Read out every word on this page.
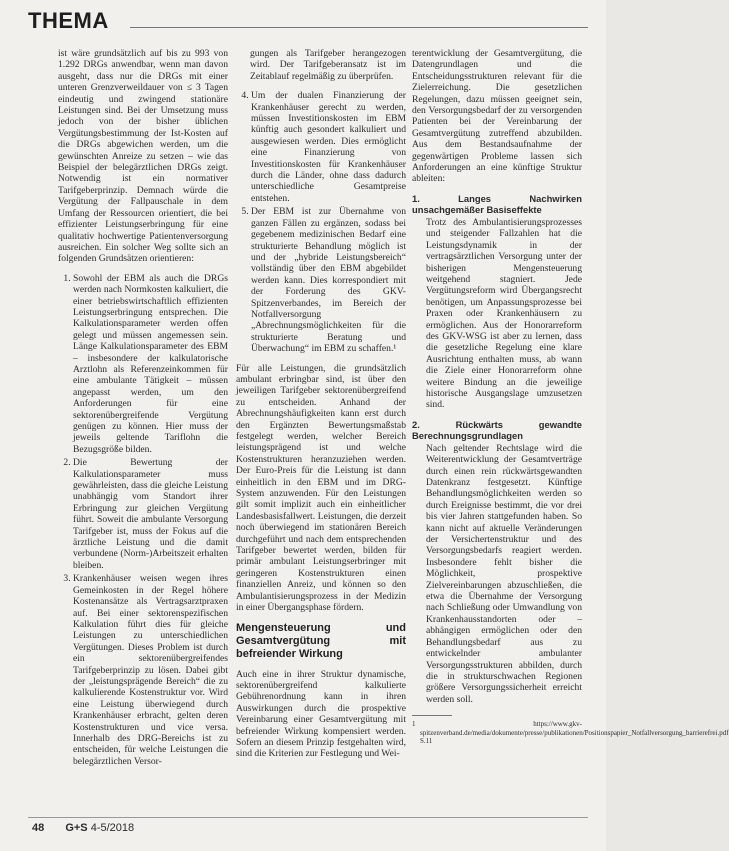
THEMA

ist wäre grundsätzlich auf bis zu 993 von 1.292 DRGs anwendbar, wenn man davon ausgeht, dass nur die DRGs mit einer unteren Grenzverweildauer von ≤ 3 Tagen eindeutig und zwingend stationäre Leistungen sind. Bei der Umsetzung muss jedoch von der bisher üblichen Vergütungsbestimmung der Ist-Kosten auf die DRGs abgewichen werden, um die gewünschten Anreize zu setzen – wie das Beispiel der belegärztlichen DRGs zeigt. Notwendig ist ein normativer Tarifgeberprinzip. Demnach würde die Vergütung der Fallpauschale in dem Umfang der Ressourcen orientiert, die bei effizienter Leistungserbringung für eine qualitativ hochwertige Patientenversorgung ausreichen. Ein solcher Weg sollte sich an folgenden Grundsätzen orientieren:

1. Sowohl der EBM als auch die DRGs werden nach Normkosten kalkuliert, die einer betriebswirtschaftlich effizienten Leistungserbringung entsprechen. Die Kalkulationsparameter werden offen gelegt und müssen angemessen sein. Länge Kalkulationsparameter des EBM – insbesondere der kalkulatorische Arztlohn als Referenzeinkommen für eine ambulante Tätigkeit – müssen angepasst werden, um den Anforderungen für eine sektorenübergreifende Vergütung genügen zu können. Hier muss der jeweils geltende Tariflohn die Bezugsgröße bilden.
2. Die Bewertung der Kalkulationsparameter muss gewährleisten, dass die gleiche Leistung unabhängig vom Standort ihrer Erbringung zur gleichen Vergütung führt. Soweit die ambulante Versorgung Tarifgeber ist, muss der Fokus auf die ärztliche Leistung und die damit verbundene (Norm-)Arbeitszeit erhalten bleiben.
3. Krankenhäuser weisen wegen ihres Gemeinkosten in der Regel höhere Kostenansätze als Vertragsarztpraxen auf. Bei einer sektorenspezifischen Kalkulation führt dies für gleiche Leistungen zu unterschiedlichen Vergütungen. Dieses Problem ist durch ein sektorenübergreifendes Tarifgeberprinzip zu lösen. Dabei gibt der „leistungsprägende Bereich“ die zu kalkulierende Kostenstruktur vor. Wird eine Leistung überwiegend durch Krankenhäuser erbracht, gelten deren Kostenstrukturen und vice versa. Innerhalb des DRG-Bereichs ist zu entscheiden, für welche Leistungen die belegärztlichen Versor-

gungen als Tarifgeber herangezogen wird. Der Tarifgeberansatz ist im Zeitablauf regelmäßig zu überprüfen.

4. Um der dualen Finanzierung der Krankenhäuser gerecht zu werden, müssen Investitionskosten im EBM künftig auch gesondert kalkuliert und ausgewiesen werden. Dies ermöglicht eine Finanzierung von Investitionskosten für Krankenhäuser durch die Länder, ohne dass dadurch unterschiedliche Gesamtpreise entstehen.
5. Der EBM ist zur Übernahme von ganzen Fällen zu ergänzen, sodass bei gegebenem medizinischen Bedarf eine strukturierte Behandlung möglich ist und der „hybride Leistungsbereich“ vollständig über den EBM abgebildet werden kann. Dies korrespondiert mit der Forderung des GKV-Spitzenverbandes, im Bereich der Notfallversorgung „Abrechnungsmöglichkeiten für die strukturierte Beratung und Überwachung“ im EBM zu schaffen.¹

Für alle Leistungen, die grundsätzlich ambulant erbringbar sind, ist über den jeweiligen Tarifgeber sektorenübergreifend zu entscheiden. Anhand der Abrechnungshäufigkeiten kann erst durch den Ergänzten Bewertungsmaßstab festgelegt werden, welcher Bereich leistungsprägend ist und welche Kostenstrukturen heranzuziehen werden. Der Euro-Preis für die Leistung ist dann einheitlich in den EBM und im DRG-System anzuwenden. Für den Leistungen gilt somit implizit auch ein einheitlicher Landesbasisfallwert. Leistungen, die derzeit noch überwiegend im stationären Bereich durchgeführt und nach dem entsprechenden Tarifgeber bewertet werden, bilden für primär ambulant Leistungserbringer mit geringeren Kostenstrukturen einen finanziellen Anreiz, und können so den Ambulantisierungsprozess in der Medizin in einer Übergangsphase fördern.

Mengensteuerung und Gesamtvergütung mit befreiender Wirkung

Auch eine in ihrer Struktur dynamische, sektorenübergreifend kalkulierte Gebührenordnung kann in ihren Auswirkungen durch die prospektive Vereinbarung einer Gesamtvergütung mit befreiender Wirkung kompensiert werden. Sofern an diesem Prinzip festgehalten wird, sind die Kriterien zur Festlegung und Wei-

terentwicklung der Gesamtvergütung, die Datengrundlagen und die Entscheidungsstrukturen relevant für die Zielerreichung. Die gesetzlichen Regelungen, dazu müssen geeignet sein, den Versorgungsbedarf der zu versorgenden Patienten bei der Vereinbarung der Gesamtvergütung zutreffend abzubilden. Aus dem Bestandsaufnahme der gegenwärtigen Probleme lassen sich Anforderungen an eine künftige Struktur ableiten:

1. Langes Nachwirken unsachgemäßer Basiseffekte

Trotz des Ambulantisierungsprozesses und steigender Fallzahlen hat die Leistungsdynamik in der vertragsärztlichen Versorgung unter der bisherigen Mengensteuerung weitgehend stagniert. Jede Vergütungsreform wird Übergangsrecht benötigen, um Anpassungsprozesse bei Praxen oder Krankenhäusern zu ermöglichen. Aus der Honorarreform des GKV-WSG ist aber zu lernen, dass die gesetzliche Regelung eine klare Ausrichtung enthalten muss, ab wann die Ziele einer Honorarreform ohne weitere Bindung an die jeweilige historische Ausgangslage umzusetzen sind.

2. Rückwärts gewandte Berechnungsgrundlagen

Nach geltender Rechtslage wird die Weiterentwicklung der Gesamtverträge durch einen rein rückwärtsgewandten Datenkranz festgesetzt. Künftige Behandlungsmöglichkeiten werden so durch Ereignisse bestimmt, die vor drei bis vier Jahren stattgefunden haben. So kann nicht auf aktuelle Veränderungen der Versichertenstruktur und des Versorgungsbedarfs reagiert werden. Insbesondere fehlt bisher die Möglichkeit, prospektive Zielvereinbarungen abzuschließen, die etwa die Übernahme der Versorgung nach Schließung oder Umwandlung von Krankenhausstandorten oder – abhängigen ermöglichen oder den Behandlungsbedarf aus zu entwickelnder ambulanter Versorgungsstrukturen abbilden, durch die in strukturschwachen Regionen größere Versorgungssicherheit erreicht werden soll.

1 https://www.gkv-spitzenverband.de/media/dokumente/presse/publikationen/Positionspapier_Notfallversorgung_barrierefrei.pdf S.11
48 G+S 4-5/2018
